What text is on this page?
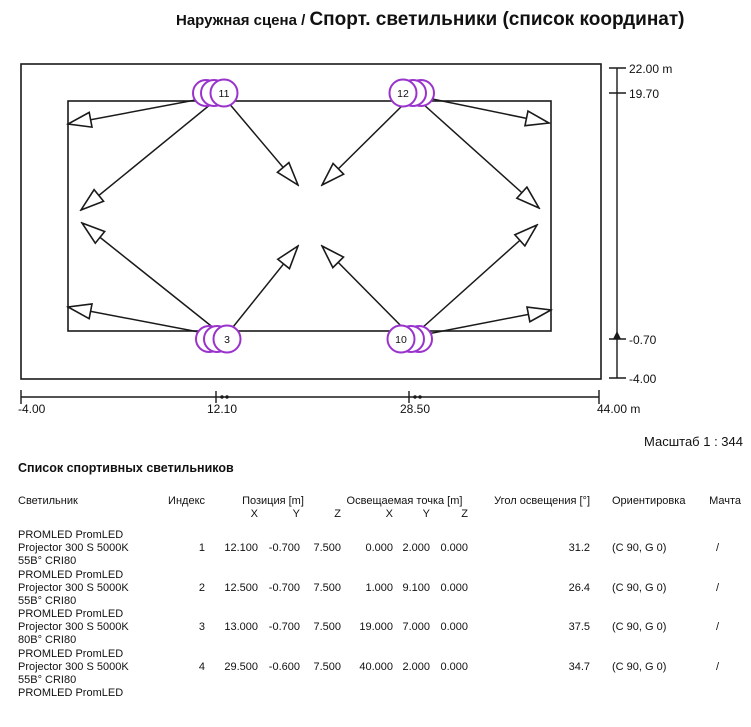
Наружная сцена / Спорт. светильники (список координат)
11	12
3	10
22.00 m
19.70
-0.70
-4.00
-4.00	12.10	28.50	44.00 m
Масштаб 1 : 344
Список спортивных светильников
Светильник	Индекс	Позиция [m]	Освещаемая точка [m]	Угол освещения [°]	Ориентировка	Мачта
X	Y	Z	X	Y	Z
PROMLED PromLED
Projector 300 S 5000K
55B° CRI80
1	12.100 -0.700	7.500	0.000 2.000 0.000	31.2	(C 90, G 0)	/
PROMLED PromLED
Projector 300 S 5000K
55B° CRI80
2	12.500 -0.700	7.500	1.000 9.100 0.000	26.4	(C 90, G 0)	/
PROMLED PromLED
Projector 300 S 5000K
80B° CRI80
3	13.000 -0.700	7.500	19.000 7.000 0.000	37.5	(C 90, G 0)	/
PROMLED PromLED
Projector 300 S 5000K
55B° CRI80
4	29.500 -0.600	7.500	40.000 2.000 0.000	34.7	(C 90, G 0)	/
PROMLED PromLED
